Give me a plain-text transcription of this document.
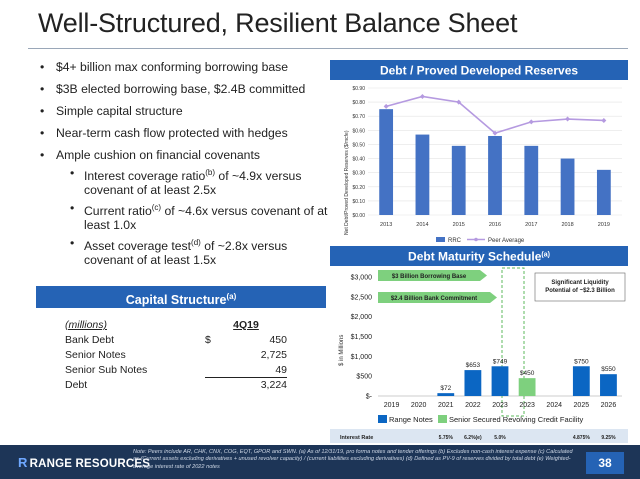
Well-Structured, Resilient Balance Sheet
• $4+ billion max conforming borrowing base
• $3B elected borrowing base, $2.4B committed
• Simple capital structure
• Near-term cash flow protected with hedges
• Ample cushion on financial covenants
• Interest coverage ratio$^{(b)}$ of ~4.9x versus covenant of at least 2.5x
• Current ratio$^{(c)}$ of ~4.6x versus covenant of at least 1.0x
• Asset coverage test$^{(d)}$ of ~2.8x versus covenant of at least 1.5x
Capital Structure$^{(a)}$
(millions)	4Q19
Bank Debt	$	450
Senior Notes	2,725
Senior Sub Notes	49
Debt	3,224
Debt / Proved Developed Reserves
Net Debt/Proved Developed Reserves ($/mcfe) $0.00
$0.10
$0.20
$0.30
$0.40
$0.50
$0.60
$0.70
$0.80
$0.90
2013	2014	2015	2016	2017	2018	2019
RRC	Peer Average
Debt Maturity Schedule$^{(a)}$
$ in Millions
$-
$500
$1,000
$1,500
$2,000
$2,500
$3,000	$3 Billion Borrowing Base
$2.4 Billion Bank Commitment
Significant Liquidity Potential of ~$2.3 Billion
$72
$653
$749
$450
$750
$550
2019 2020 2021 2022 2023 2023 2024 2025 2026
Range Notes Senior Secured Revolving Credit Facility
Interest Rate	5.75% 6.2%(e)	5.0%	4.875% 9.25%
R RANGE RESOURCES
Note: Peers include AR, CHK, CNX, COG, EQT, GPOR and SWN. (a) As of 12/31/19, pro forma notes and tender offerings (b) Excludes non-cash interest expense (c) Calculated as (Current assets excluding derivatives + unused revolver capacity) / (current liabilities excluding derivatives) (d) Defined as PV-9 of reserves divided by total debt (e) Weighted-average interest rate of 2022 notes	38
